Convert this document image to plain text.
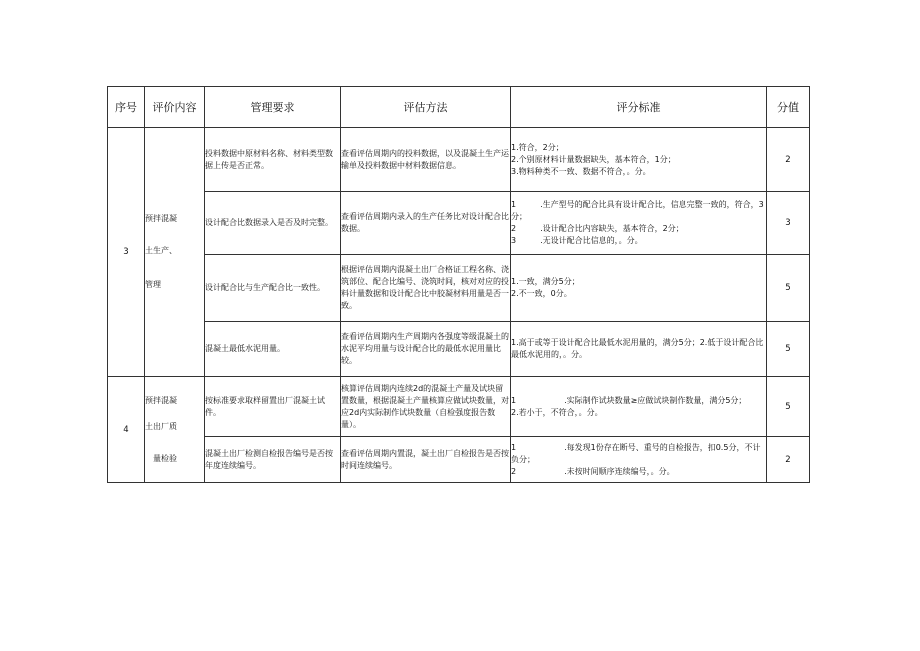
序号	评价内容	管理要求	评估方法	评分标准	分值
3	预拌混凝
土生产、
管理	投料数据中原材料名称、材料类型数据上传是否正常。	查看评估周期内的投料数据，以及混凝土生产运输单及投料数据中材料数据信息。	1.符合，2分；
2.个别原材料计量数据缺失，基本符合，1分；
3.物料种类不一致、数据不符合，。分。	2
		设计配合比数据录入是否及时完整。	查看评估周期内录入的生产任务比对设计配合比数据。	1　　　.生产型号的配合比具有设计配合比，信息完整一致的，符合，3分；
2　　　.设计配合比内容缺失，基本符合，2分；
3　　　.无设计配合比信息的，。分。	3
		设计配合比与生产配合比一致性。	根据评估周期内混凝土出厂合格证工程名称、浇筑部位、配合比编号、浇筑时间，核对对应的投料计量数据和设计配合比中胶凝材料用量是否一致。	1.一致，满分5分；
2.不一致，0分。	5
		混凝土最低水泥用量。	查看评估周期内生产周期内各强度等级混凝土的水泥平均用量与设计配合比的最低水泥用量比较。	1.高于或等于设计配合比最低水泥用量的，满分5分；2.低于设计配合比最低水泥用的，。分。	5
4	预拌混凝
土出厂质
量检验	按标准要求取样留置出厂混凝土试件。	核算评估周期内连续2d的混凝土产量及试块留置数量，根据混凝土产量核算应做试块数量，对应2d内实际制作试块数量（自检强度报告数量）。	1　　　　　　.实际制作试块数量≥应做试块制作数量，满分5分；
2.若小于，不符合，。分。	5
		混凝土出厂检测自检报告编号是否按年度连续编号。	查看评估周期内置混，凝土出厂自检报告是否按时间连续编号。	1　　　　　　.每发现1份存在断号、重号的自检报告，扣0.5分，不计负分；
2　　　　　　.未按时间顺序连续编号，。分。	2
